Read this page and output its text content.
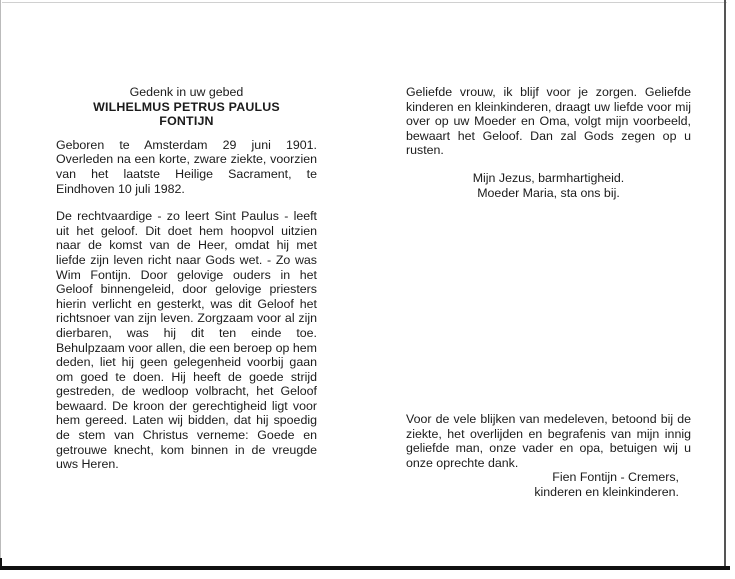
Gedenk in uw gebed

WILHELMUS PETRUS PAULUS

FONTIJN

Geboren te Amsterdam 29 juni 1901. Overleden na een korte, zware ziekte, voorzien van het laatste Heilige Sacrament, te Eindhoven 10 juli 1982.

De rechtvaardige - zo leert Sint Paulus - leeft uit het geloof. Dit doet hem hoopvol uitzien naar de komst van de Heer, omdat hij met liefde zijn leven richt naar Gods wet. - Zo was Wim Fontijn. Door gelovige ouders in het Geloof binnengeleid, door gelovige priesters hierin verlicht en gesterkt, was dit Geloof het richtsnoer van zijn leven. Zorgzaam voor al zijn dierbaren, was hij dit ten einde toe. Behulpzaam voor allen, die een beroep op hem deden, liet hij geen gelegenheid voorbij gaan om goed te doen. Hij heeft de goede strijd gestreden, de wedloop volbracht, het Geloof bewaard. De kroon der gerechtigheid ligt voor hem gereed. Laten wij bidden, dat hij spoedig de stem van Christus verneme: Goede en getrouwe knecht, kom binnen in de vreugde uws Heren.

Geliefde vrouw, ik blijf voor je zorgen. Geliefde kinderen en kleinkinderen, draagt uw liefde voor mij over op uw Moeder en Oma, volgt mijn voorbeeld, bewaart het Geloof. Dan zal Gods zegen op u rusten.

Mijn Jezus, barmhartigheid.

Moeder Maria, sta ons bij.

Voor de vele blijken van medeleven, betoond bij de ziekte, het overlijden en begrafenis van mijn innig geliefde man, onze vader en opa, betuigen wij u onze oprechte dank.

Fien Fontijn - Cremers,

kinderen en kleinkinderen.
